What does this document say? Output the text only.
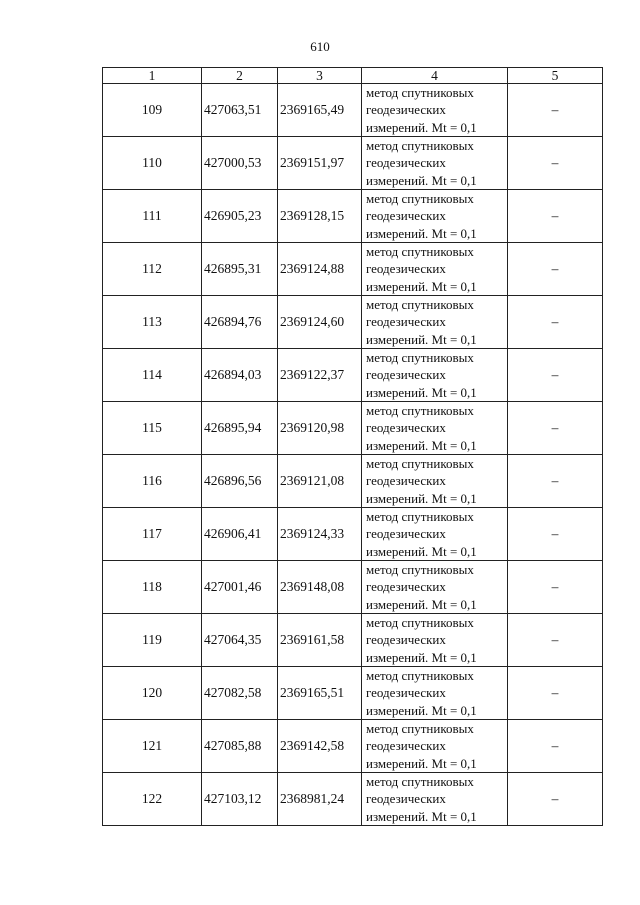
610
1	2	3	4	5
109	427063,51	2369165,49	метод спутниковых
геодезических
измерений. Mt = 0,1	–
110	427000,53	2369151,97	метод спутниковых
геодезических
измерений. Mt = 0,1	–
111	426905,23	2369128,15	метод спутниковых
геодезических
измерений. Mt = 0,1	–
112	426895,31	2369124,88	метод спутниковых
геодезических
измерений. Mt = 0,1	–
113	426894,76	2369124,60	метод спутниковых
геодезических
измерений. Mt = 0,1	–
114	426894,03	2369122,37	метод спутниковых
геодезических
измерений. Mt = 0,1	–
115	426895,94	2369120,98	метод спутниковых
геодезических
измерений. Mt = 0,1	–
116	426896,56	2369121,08	метод спутниковых
геодезических
измерений. Mt = 0,1	–
117	426906,41	2369124,33	метод спутниковых
геодезических
измерений. Mt = 0,1	–
118	427001,46	2369148,08	метод спутниковых
геодезических
измерений. Mt = 0,1	–
119	427064,35	2369161,58	метод спутниковых
геодезических
измерений. Mt = 0,1	–
120	427082,58	2369165,51	метод спутниковых
геодезических
измерений. Mt = 0,1	–
121	427085,88	2369142,58	метод спутниковых
геодезических
измерений. Mt = 0,1	–
122	427103,12	2368981,24	метод спутниковых
геодезических
измерений. Mt = 0,1	–
